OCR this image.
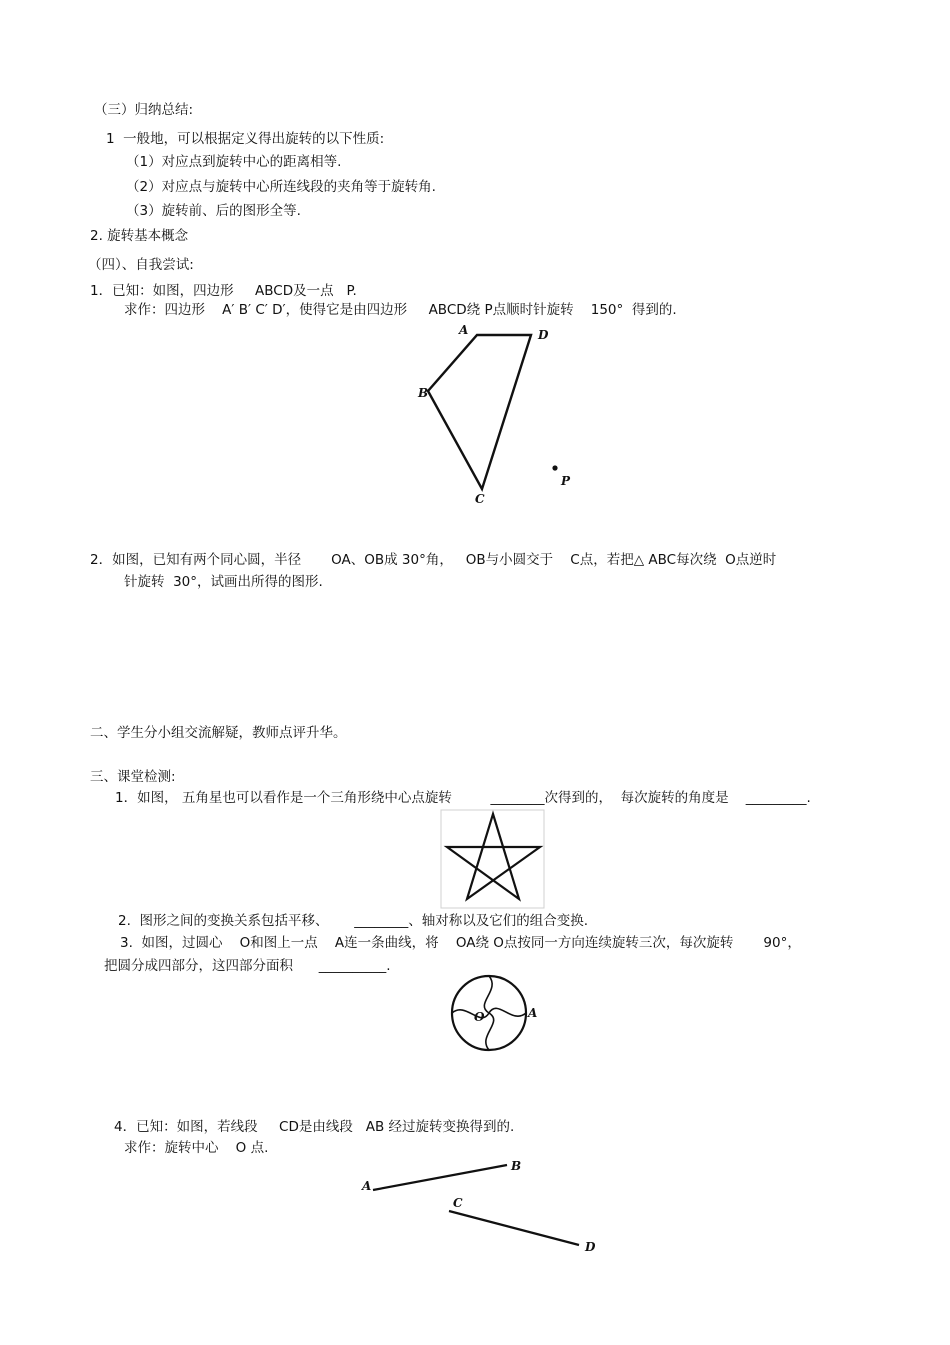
（三）归纳总结:
1  一般地，可以根据定义得出旋转的以下性质:
（1）对应点到旋转中心的距离相等.
（2）对应点与旋转中心所连线段的夹角等于旋转角.
（3）旋转前、后的图形全等.
2. 旋转基本概念
（四）、自我尝试:
1．已知：如图，四边形     ABCD及一点   P.
求作：四边形    A′ B′ C′ D′，使得它是由四边形     ABCD绕 P点顺时针旋转    150°  得到的.
A	D
B
C
P
2．如图，已知有两个同心圆，半径       OA、OB成 30°角，   OB与小圆交于    C点，若把△ ABC每次绕  O点逆时
针旋转  30°，试画出所得的图形.
二、学生分小组交流解疑，教师点评升华。
三、课堂检测:
1．如图， 五角星也可以看作是一个三角形绕中心点旋转         ________次得到的，  每次旋转的角度是    _________.
2.  图形之间的变换关系包括平移、      ________、轴对称以及它们的组合变换.
3.  如图，过圆心    O和图上一点    A连一条曲线，将    OA绕 O点按同一方向连续旋转三次，每次旋转       90°，
把圆分成四部分，这四部分面积      __________.
O	A
4．已知：如图，若线段     CD是由线段   AB 经过旋转变换得到的.
求作：旋转中心    O 点.
A
B
C
D
